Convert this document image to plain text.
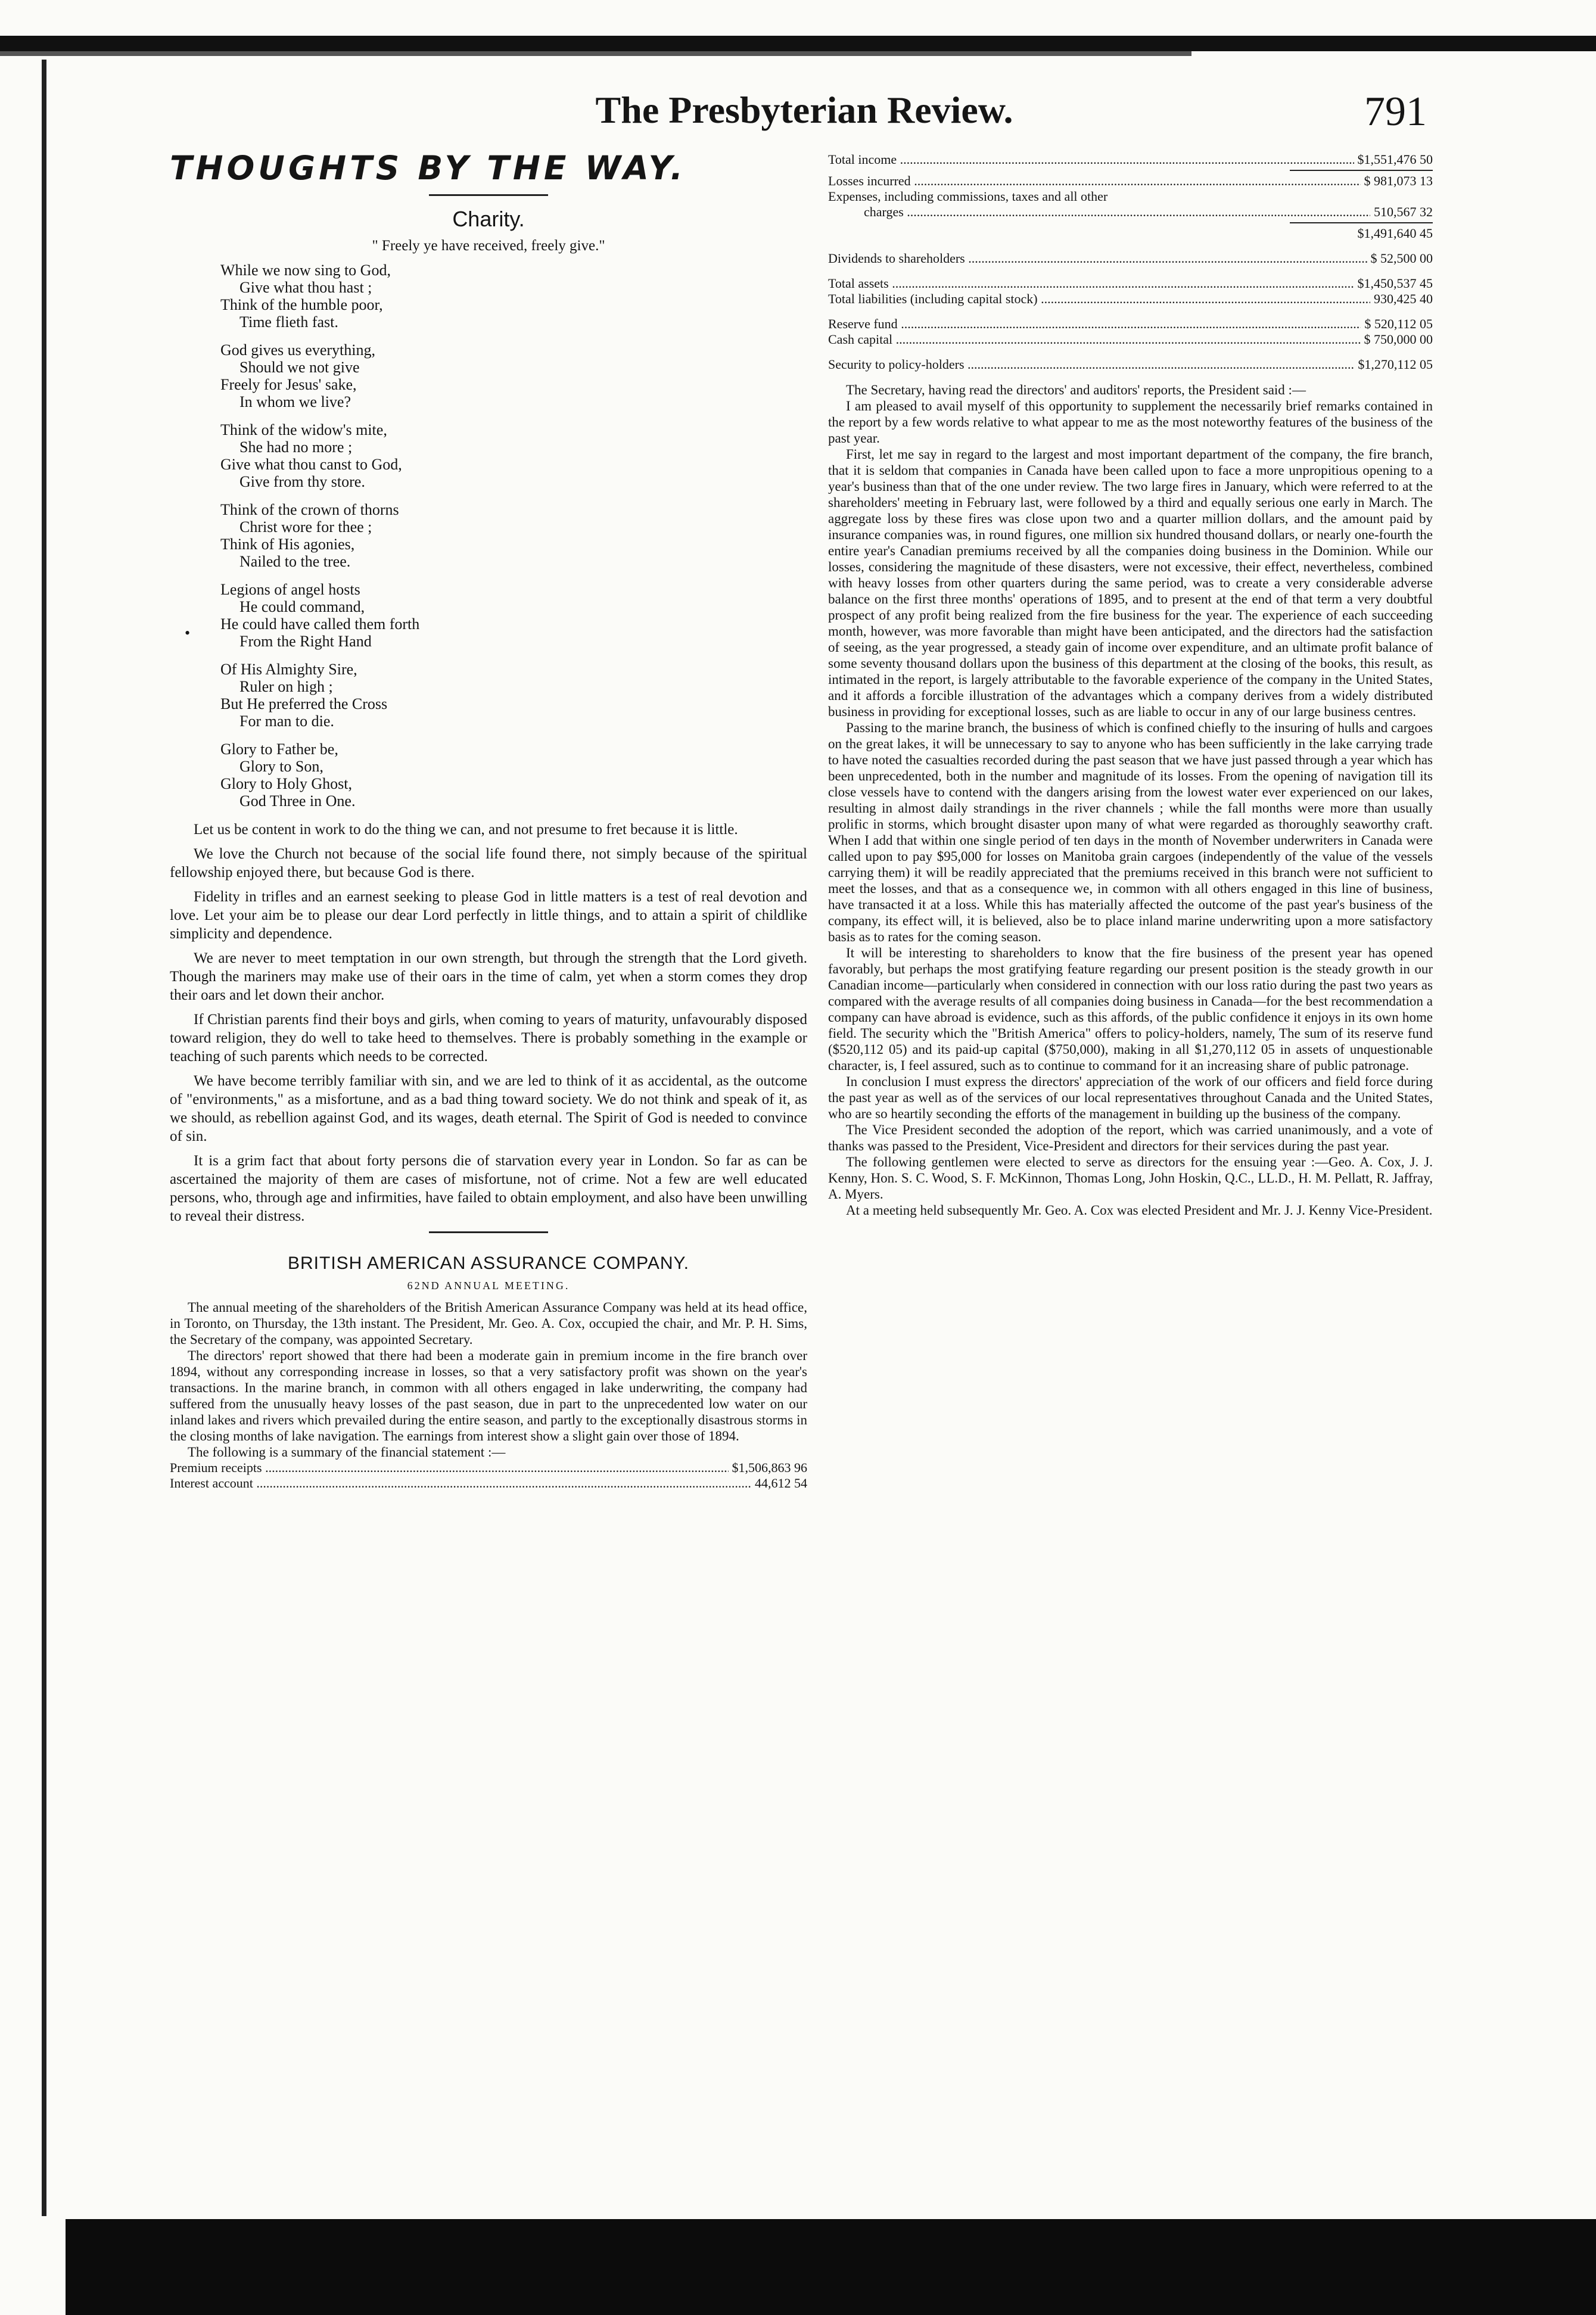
•
The Presbyterian Review.	791
THOUGHTS BY THE WAY.
Charity.
" Freely ye have received, freely give."
While we now sing to God,
Give what thou hast ;
Think of the humble poor,
Time flieth fast.
God gives us everything,
Should we not give
Freely for Jesus' sake,
In whom we live?
Think of the widow's mite,
She had no more ;
Give what thou canst to God,
Give from thy store.
Think of the crown of thorns
Christ wore for thee ;
Think of His agonies,
Nailed to the tree.
Legions of angel hosts
He could command,
He could have called them forth
From the Right Hand
Of His Almighty Sire,
Ruler on high ;
But He preferred the Cross
For man to die.
Glory to Father be,
Glory to Son,
Glory to Holy Ghost,
God Three in One.

Let us be content in work to do the thing we can, and not presume to fret because it is little.

We love the Church not because of the social life found there, not simply because of the spiritual fellowship enjoyed there, but because God is there.

Fidelity in trifles and an earnest seeking to please God in little matters is a test of real devotion and love. Let your aim be to please our dear Lord perfectly in little things, and to attain a spirit of childlike simplicity and dependence.

We are never to meet temptation in our own strength, but through the strength that the Lord giveth. Though the mariners may make use of their oars in the time of calm, yet when a storm comes they drop their oars and let down their anchor.

If Christian parents find their boys and girls, when coming to years of maturity, unfavourably disposed toward religion, they do well to take heed to themselves. There is probably something in the example or teaching of such parents which needs to be corrected.

We have become terribly familiar with sin, and we are led to think of it as accidental, as the outcome of "environments," as a misfortune, and as a bad thing toward society. We do not think and speak of it, as we should, as rebellion against God, and its wages, death eternal. The Spirit of God is needed to convince of sin.

It is a grim fact that about forty persons die of starvation every year in London. So far as can be ascertained the majority of them are cases of misfortune, not of crime. Not a few are well educated persons, who, through age and infirmities, have failed to obtain employment, and also have been unwilling to reveal their distress.

BRITISH AMERICAN ASSURANCE COMPANY.
62ND ANNUAL MEETING.

The annual meeting of the shareholders of the British American Assurance Company was held at its head office, in Toronto, on Thursday, the 13th instant. The President, Mr. Geo. A. Cox, occupied the chair, and Mr. P. H. Sims, the Secretary of the company, was appointed Secretary.

The directors' report showed that there had been a moderate gain in premium income in the fire branch over 1894, without any corresponding increase in losses, so that a very satisfactory profit was shown on the year's transactions. In the marine branch, in common with all others engaged in lake underwriting, the company had suffered from the unusually heavy losses of the past season, due in part to the unprecedented low water on our inland lakes and rivers which prevailed during the entire season, and partly to the exceptionally disastrous storms in the closing months of lake navigation. The earnings from interest show a slight gain over those of 1894.

The following is a summary of the financial statement :—

Premium receipts .....	$1,506,863 96
Interest account .....	44,612 54
Total income .....	$1,551,476 50
Losses incurred .....	$ 981,073 13
Expenses, including commissions, taxes and all other
charges .....	510,567 32
$1,491,640 45
Dividends to shareholders .....	$ 52,500 00
Total assets .....	$1,450,537 45
Total liabilities (including capital stock) .....	930,425 40
Reserve fund .....	$ 520,112 05
Cash capital .....	$ 750,000 00
Security to policy-holders .....	$1,270,112 05

The Secretary, having read the directors' and auditors' reports, the President said :—

I am pleased to avail myself of this opportunity to supplement the necessarily brief remarks contained in the report by a few words relative to what appear to me as the most noteworthy features of the business of the past year.

First, let me say in regard to the largest and most important department of the company, the fire branch, that it is seldom that companies in Canada have been called upon to face a more unpropitious opening to a year's business than that of the one under review. The two large fires in January, which were referred to at the shareholders' meeting in February last, were followed by a third and equally serious one early in March. The aggregate loss by these fires was close upon two and a quarter million dollars, and the amount paid by insurance companies was, in round figures, one million six hundred thousand dollars, or nearly one-fourth the entire year's Canadian premiums received by all the companies doing business in the Dominion. While our losses, considering the magnitude of these disasters, were not excessive, their effect, nevertheless, combined with heavy losses from other quarters during the same period, was to create a very considerable adverse balance on the first three months' operations of 1895, and to present at the end of that term a very doubtful prospect of any profit being realized from the fire business for the year. The experience of each succeeding month, however, was more favorable than might have been anticipated, and the directors had the satisfaction of seeing, as the year progressed, a steady gain of income over expenditure, and an ultimate profit balance of some seventy thousand dollars upon the business of this department at the closing of the books, this result, as intimated in the report, is largely attributable to the favorable experience of the company in the United States, and it affords a forcible illustration of the advantages which a company derives from a widely distributed business in providing for exceptional losses, such as are liable to occur in any of our large business centres.

Passing to the marine branch, the business of which is confined chiefly to the insuring of hulls and cargoes on the great lakes, it will be unnecessary to say to anyone who has been sufficiently in the lake carrying trade to have noted the casualties recorded during the past season that we have just passed through a year which has been unprecedented, both in the number and magnitude of its losses. From the opening of navigation till its close vessels have to contend with the dangers arising from the lowest water ever experienced on our lakes, resulting in almost daily strandings in the river channels ; while the fall months were more than usually prolific in storms, which brought disaster upon many of what were regarded as thoroughly seaworthy craft. When I add that within one single period of ten days in the month of November underwriters in Canada were called upon to pay $95,000 for losses on Manitoba grain cargoes (independently of the value of the vessels carrying them) it will be readily appreciated that the premiums received in this branch were not sufficient to meet the losses, and that as a consequence we, in common with all others engaged in this line of business, have transacted it at a loss. While this has materially affected the outcome of the past year's business of the company, its effect will, it is believed, also be to place inland marine underwriting upon a more satisfactory basis as to rates for the coming season.

It will be interesting to shareholders to know that the fire business of the present year has opened favorably, but perhaps the most gratifying feature regarding our present position is the steady growth in our Canadian income—particularly when considered in connection with our loss ratio during the past two years as compared with the average results of all companies doing business in Canada—for the best recommendation a company can have abroad is evidence, such as this affords, of the public confidence it enjoys in its own home field. The security which the "British America" offers to policy-holders, namely, The sum of its reserve fund ($520,112 05) and its paid-up capital ($750,000), making in all $1,270,112 05 in assets of unquestionable character, is, I feel assured, such as to continue to command for it an increasing share of public patronage.

In conclusion I must express the directors' appreciation of the work of our officers and field force during the past year as well as of the services of our local representatives throughout Canada and the United States, who are so heartily seconding the efforts of the management in building up the business of the company.

The Vice President seconded the adoption of the report, which was carried unanimously, and a vote of thanks was passed to the President, Vice-President and directors for their services during the past year.

The following gentlemen were elected to serve as directors for the ensuing year :—Geo. A. Cox, J. J. Kenny, Hon. S. C. Wood, S. F. McKinnon, Thomas Long, John Hoskin, Q.C., LL.D., H. M. Pellatt, R. Jaffray, A. Myers.

At a meeting held subsequently Mr. Geo. A. Cox was elected President and Mr. J. J. Kenny Vice-President.
